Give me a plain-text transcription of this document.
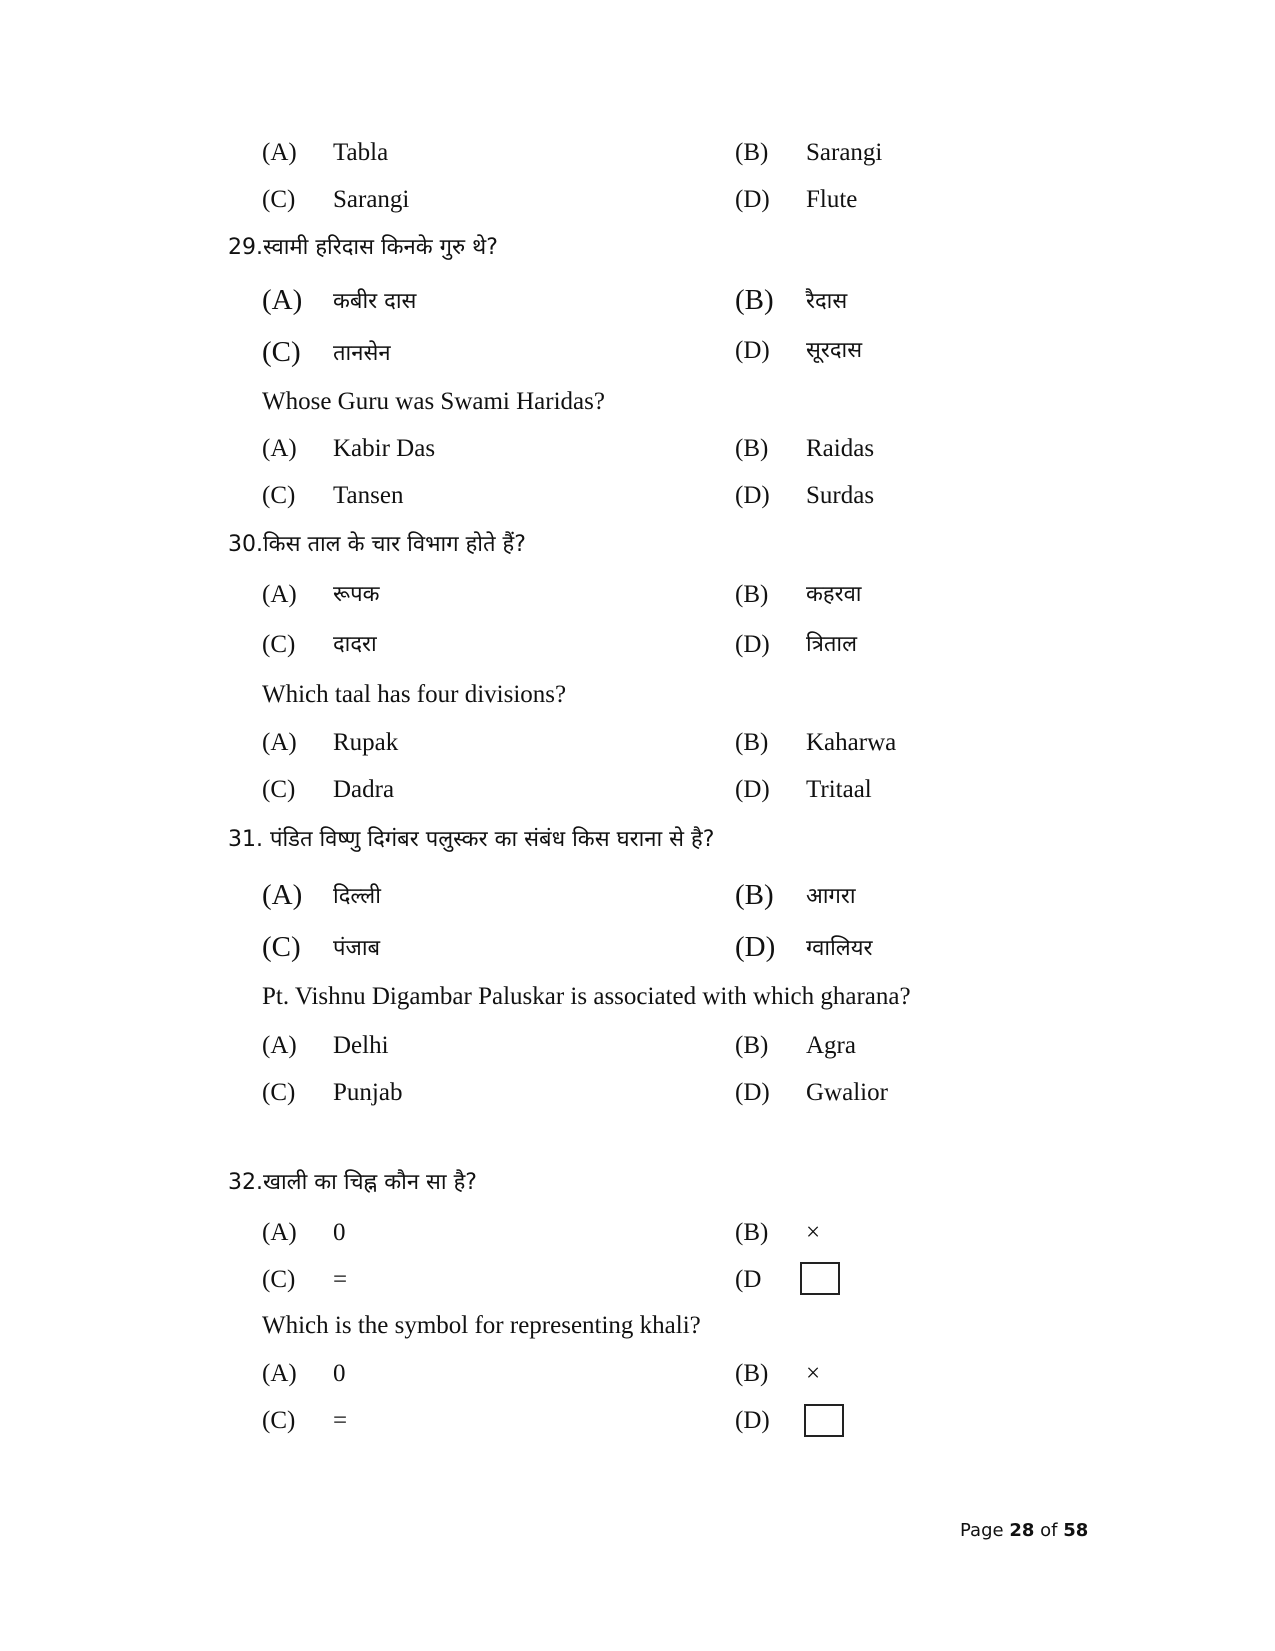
(A) Tabla	(B) Sarangi
(C) Sarangi	(D) Flute
29.स्वामी हरिदास किनके गुरु थे?
(A) कबीर दास	(B) रैदास
(C) तानसेन	(D) सूरदास
Whose Guru was Swami Haridas?
(A) Kabir Das	(B) Raidas
(C) Tansen	(D) Surdas
30.किस ताल के चार विभाग होते हैं?
(A) रूपक	(B) कहरवा
(C) दादरा	(D) त्रिताल
Which taal has four divisions?
(A) Rupak	(B) Kaharwa
(C) Dadra	(D) Tritaal
31. पंडित विष्णु दिगंबर पलुस्कर का संबंध किस घराना से है?
(A) दिल्ली	(B) आगरा
(C) पंजाब	(D) ग्वालियर
Pt. Vishnu Digambar Paluskar is associated with which gharana?
(A) Delhi	(B) Agra
(C) Punjab	(D) Gwalior
32.खाली का चिह्न कौन सा है?
(A) 0	(B) ×
(C) =	(D
Which is the symbol for representing khali?
(A) 0	(B) ×
(C) =	(D)
Page 28 of 58
